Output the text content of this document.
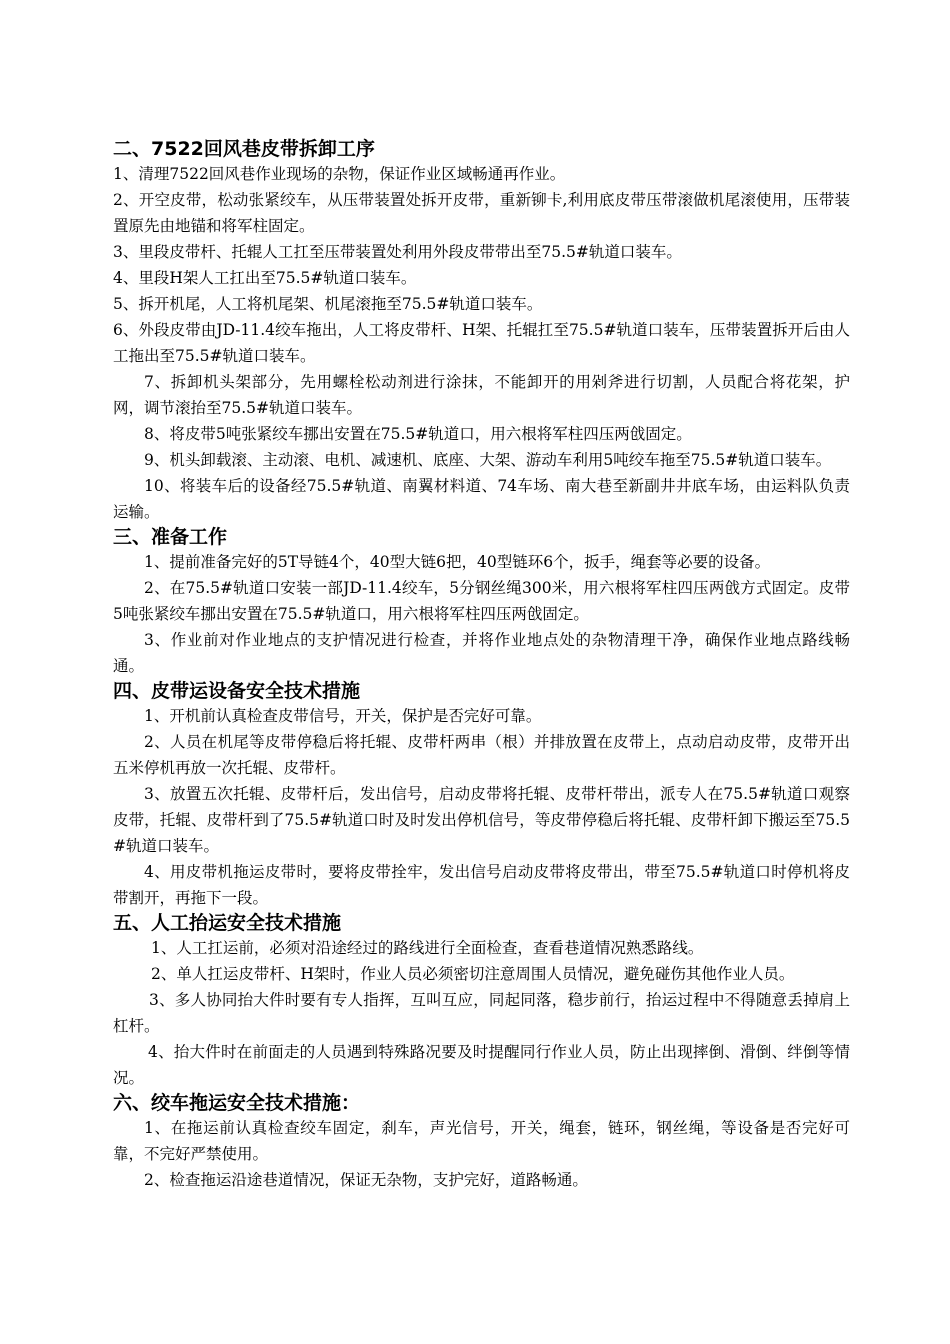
二、7522回风巷皮带拆卸工序

1、清理7522回风巷作业现场的杂物，保证作业区域畅通再作业。

2、开空皮带，松动张紧绞车，从压带装置处拆开皮带，重新铆卡,利用底皮带压带滚做机尾滚使用，压带装置原先由地锚和将军柱固定。

3、里段皮带杆、托辊人工扛至压带装置处利用外段皮带带出至75.5#轨道口装车。

4、里段H架人工扛出至75.5#轨道口装车。

5、拆开机尾，人工将机尾架、机尾滚拖至75.5#轨道口装车。

6、外段皮带由JD-11.4绞车拖出，人工将皮带杆、H架、托辊扛至75.5#轨道口装车，压带装置拆开后由人工拖出至75.5#轨道口装车。

7、拆卸机头架部分，先用螺栓松动剂进行涂抹，不能卸开的用剁斧进行切割，人员配合将花架，护网，调节滚抬至75.5#轨道口装车。

8、将皮带5吨张紧绞车挪出安置在75.5#轨道口，用六根将军柱四压两戗固定。

9、机头卸载滚、主动滚、电机、减速机、底座、大架、游动车利用5吨绞车拖至75.5#轨道口装车。

10、将装车后的设备经75.5#轨道、南翼材料道、74车场、南大巷至新副井井底车场，由运料队负责运输。

三、准备工作

1、提前准备完好的5T导链4个，40型大链6把，40型链环6个，扳手，绳套等必要的设备。

2、在75.5#轨道口安装一部JD-11.4绞车，5分钢丝绳300米，用六根将军柱四压两戗方式固定。皮带5吨张紧绞车挪出安置在75.5#轨道口，用六根将军柱四压两戗固定。

3、作业前对作业地点的支护情况进行检查，并将作业地点处的杂物清理干净，确保作业地点路线畅通。

四、皮带运设备安全技术措施

1、开机前认真检查皮带信号，开关，保护是否完好可靠。

2、人员在机尾等皮带停稳后将托辊、皮带杆两串（根）并排放置在皮带上，点动启动皮带，皮带开出五米停机再放一次托辊、皮带杆。

3、放置五次托辊、皮带杆后，发出信号，启动皮带将托辊、皮带杆带出，派专人在75.5#轨道口观察皮带，托辊、皮带杆到了75.5#轨道口时及时发出停机信号，等皮带停稳后将托辊、皮带杆卸下搬运至75.5#轨道口装车。

4、用皮带机拖运皮带时，要将皮带拴牢，发出信号启动皮带将皮带出，带至75.5#轨道口时停机将皮带割开，再拖下一段。

五、人工抬运安全技术措施

1、人工扛运前，必须对沿途经过的路线进行全面检查，查看巷道情况熟悉路线。

2、单人扛运皮带杆、H架时，作业人员必须密切注意周围人员情况，避免碰伤其他作业人员。

3、多人协同抬大件时要有专人指挥，互叫互应，同起同落，稳步前行，抬运过程中不得随意丢掉肩上杠杆。

4、抬大件时在前面走的人员遇到特殊路况要及时提醒同行作业人员，防止出现摔倒、滑倒、绊倒等情况。

六、绞车拖运安全技术措施：

1、在拖运前认真检查绞车固定，刹车，声光信号，开关，绳套，链环，钢丝绳，等设备是否完好可靠，不完好严禁使用。

2、检查拖运沿途巷道情况，保证无杂物，支护完好，道路畅通。
